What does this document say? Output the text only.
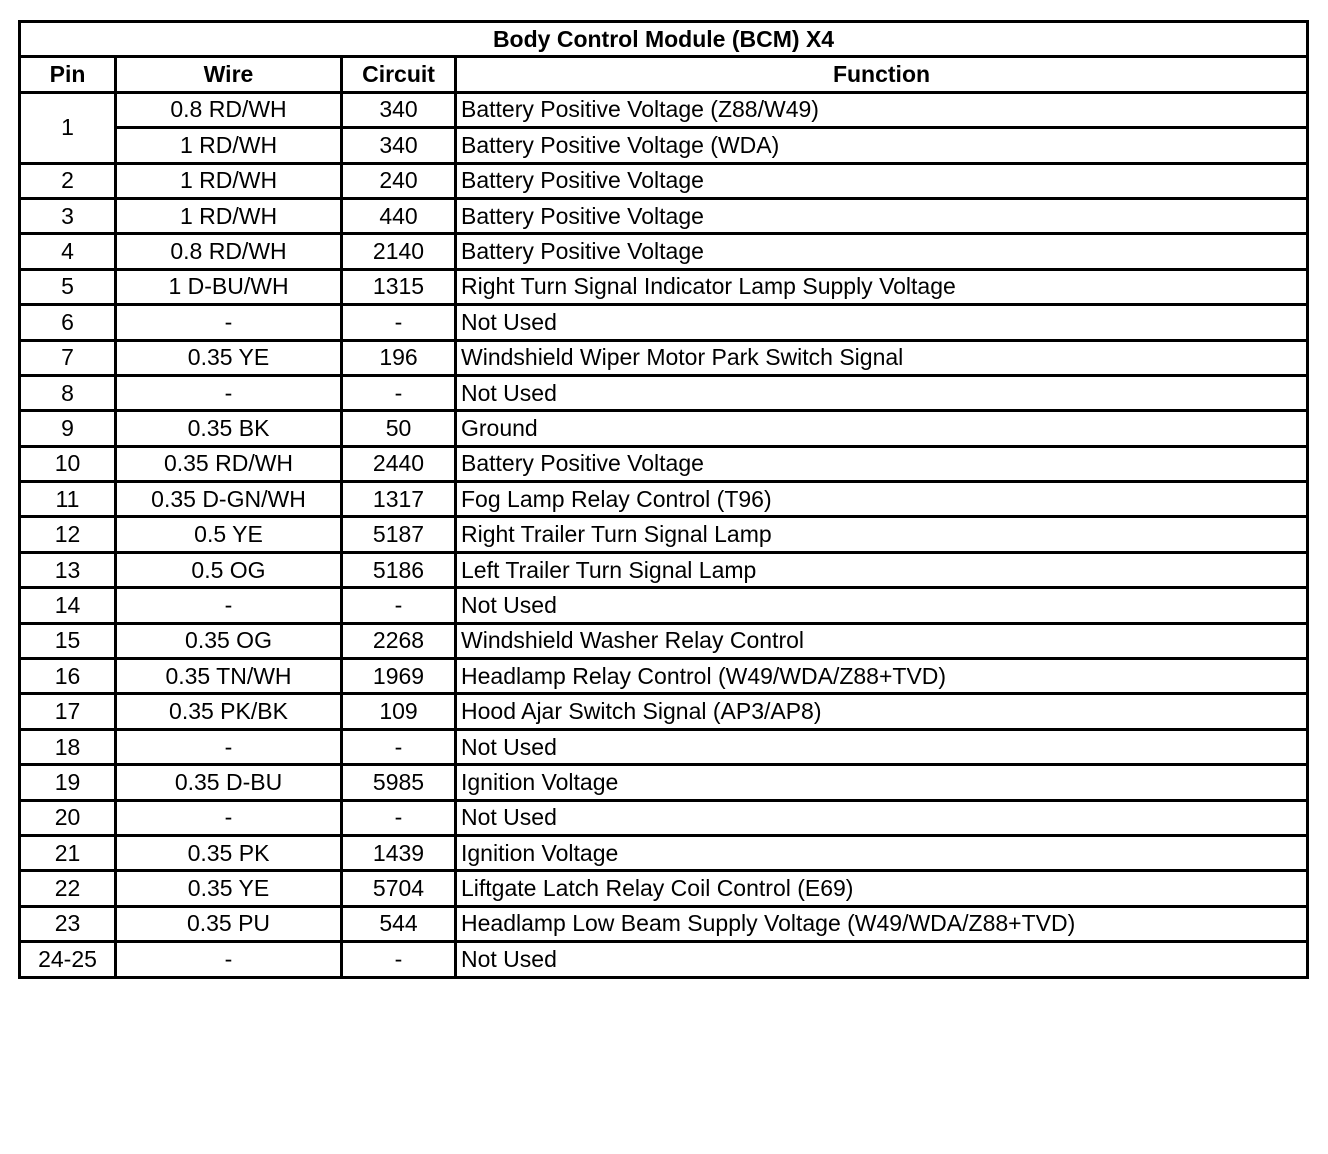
Body Control Module (BCM) X4			
Pin	Wire	Circuit	Function
1	0.8 RD/WH	340	Battery Positive Voltage (Z88/W49)
	1 RD/WH	340	Battery Positive Voltage (WDA)
2	1 RD/WH	240	Battery Positive Voltage
3	1 RD/WH	440	Battery Positive Voltage
4	0.8 RD/WH	2140	Battery Positive Voltage
5	1 D-BU/WH	1315	Right Turn Signal Indicator Lamp Supply Voltage
6	-	-	Not Used
7	0.35 YE	196	Windshield Wiper Motor Park Switch Signal
8	-	-	Not Used
9	0.35 BK	50	Ground
10	0.35 RD/WH	2440	Battery Positive Voltage
11	0.35 D-GN/WH	1317	Fog Lamp Relay Control (T96)
12	0.5 YE	5187	Right Trailer Turn Signal Lamp
13	0.5 OG	5186	Left Trailer Turn Signal Lamp
14	-	-	Not Used
15	0.35 OG	2268	Windshield Washer Relay Control
16	0.35 TN/WH	1969	Headlamp Relay Control (W49/WDA/Z88+TVD)
17	0.35 PK/BK	109	Hood Ajar Switch Signal (AP3/AP8)
18	-	-	Not Used
19	0.35 D-BU	5985	Ignition Voltage
20	-	-	Not Used
21	0.35 PK	1439	Ignition Voltage
22	0.35 YE	5704	Liftgate Latch Relay Coil Control (E69)
23	0.35 PU	544	Headlamp Low Beam Supply Voltage (W49/WDA/Z88+TVD)
24-25	-	-	Not Used
